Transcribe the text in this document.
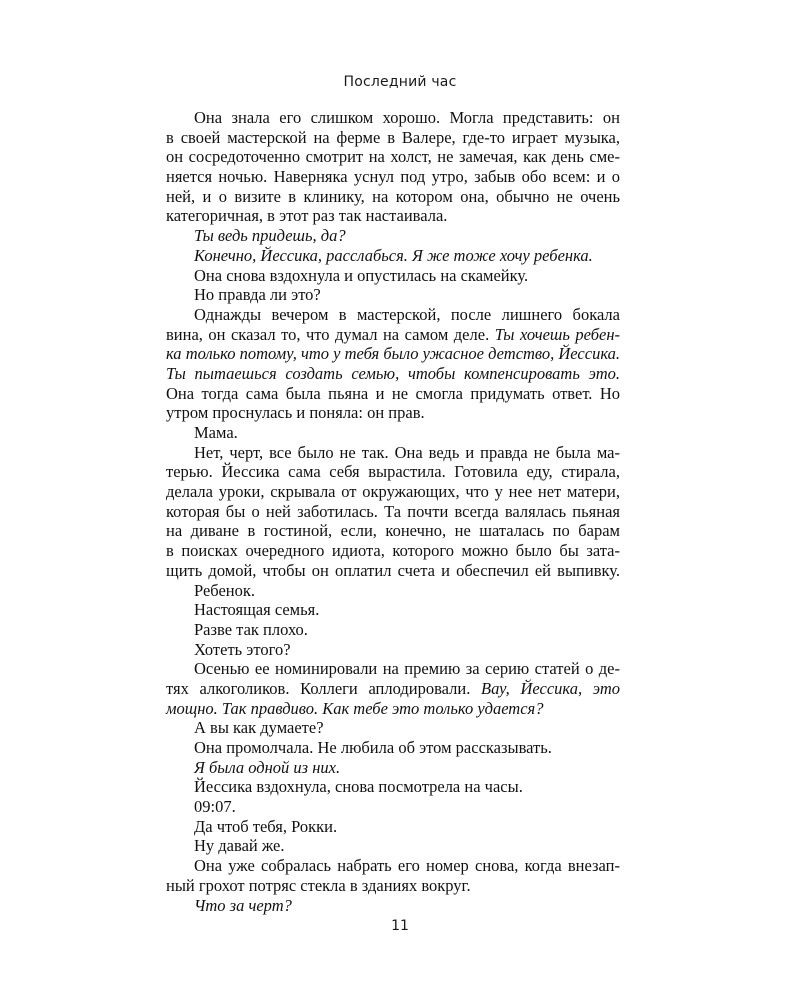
Последний час
Она знала его слишком хорошо. Могла представить: он
в своей мастерской на ферме в Валере, где-то играет музыка,
он сосредоточенно смотрит на холст, не замечая, как день сме-
няется ночью. Наверняка уснул под утро, забыв обо всем: и о
ней, и о визите в клинику, на котором она, обычно не очень
категоричная, в этот раз так настаивала.
Ты ведь придешь, да?
Конечно, Йессика, расслабься. Я же тоже хочу ребенка.
Она снова вздохнула и опустилась на скамейку.
Но правда ли это?
Однажды вечером в мастерской, после лишнего бокала
вина, он сказал то, что думал на самом деле. Ты хочешь ребен-
ка только потому, что у тебя было ужасное детство, Йессика.
Ты пытаешься создать семью, чтобы компенсировать это.
Она тогда сама была пьяна и не смогла придумать ответ. Но
утром проснулась и поняла: он прав.
Мама.
Нет, черт, все было не так. Она ведь и правда не была ма-
терью. Йессика сама себя вырастила. Готовила еду, стирала,
делала уроки, скрывала от окружающих, что у нее нет матери,
которая бы о ней заботилась. Та почти всегда валялась пьяная
на диване в гостиной, если, конечно, не шаталась по барам
в поисках очередного идиота, которого можно было бы зата-
щить домой, чтобы он оплатил счета и обеспечил ей выпивку.
Ребенок.
Настоящая семья.
Разве так плохо.
Хотеть этого?
Осенью ее номинировали на премию за серию статей о де-
тях алкоголиков. Коллеги аплодировали. Вау, Йессика, это
мощно. Так правдиво. Как тебе это только удается?
А вы как думаете?
Она промолчала. Не любила об этом рассказывать.
Я была одной из них.
Йессика вздохнула, снова посмотрела на часы.
09:07.
Да чтоб тебя, Рокки.
Ну давай же.
Она уже собралась набрать его номер снова, когда внезап-
ный грохот потряс стекла в зданиях вокруг.
Что за черт?
11
